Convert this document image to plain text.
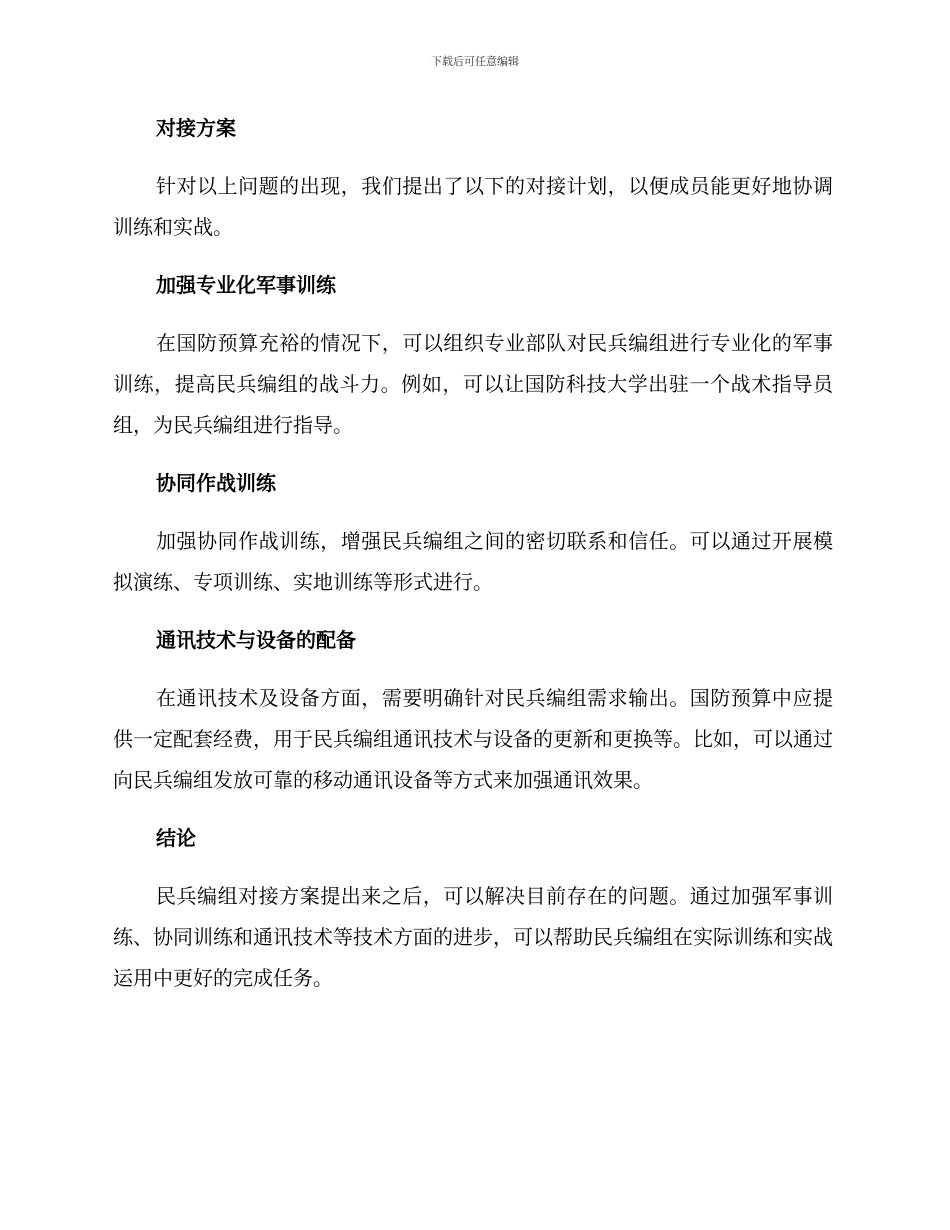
下载后可任意编辑
对接方案
针对以上问题的出现，我们提出了以下的对接计划，以便成员能更好地协调训练和实战。
加强专业化军事训练
在国防预算充裕的情况下，可以组织专业部队对民兵编组进行专业化的军事训练，提高民兵编组的战斗力。例如，可以让国防科技大学出驻一个战术指导员组，为民兵编组进行指导。
协同作战训练
加强协同作战训练，增强民兵编组之间的密切联系和信任。可以通过开展模拟演练、专项训练、实地训练等形式进行。
通讯技术与设备的配备
在通讯技术及设备方面，需要明确针对民兵编组需求输出。国防预算中应提供一定配套经费，用于民兵编组通讯技术与设备的更新和更换等。比如，可以通过向民兵编组发放可靠的移动通讯设备等方式来加强通讯效果。
结论
民兵编组对接方案提出来之后，可以解决目前存在的问题。通过加强军事训练、协同训练和通讯技术等技术方面的进步，可以帮助民兵编组在实际训练和实战运用中更好的完成任务。
